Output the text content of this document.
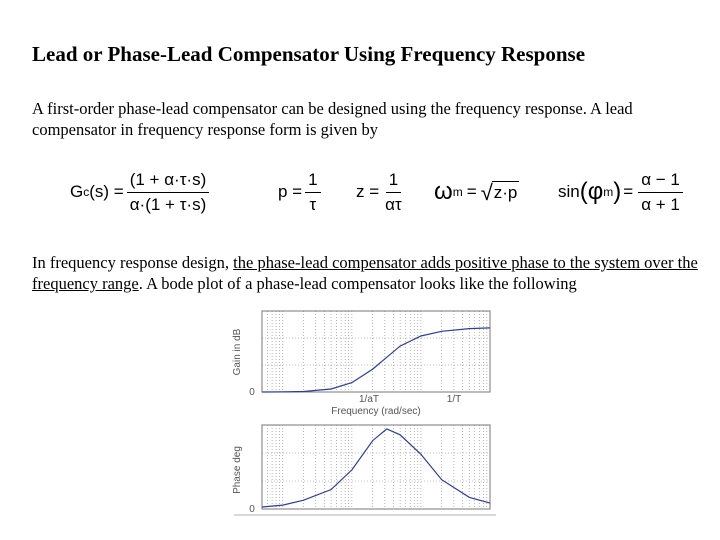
Lead or Phase-Lead Compensator Using Frequency Response
A first-order phase-lead compensator can be designed using the frequency response. A lead compensator in frequency response form is given by
G c $(s) = \frac{(1 + \alpha\cdot\tau\cdot s)}{\alpha\cdot(1 + \tau\cdot s)}$	$p = \frac{1}{\tau}$ $z = \frac{1}{\alpha\tau}$ ω m = √ z·p sin ( φ m ) = $\frac{\alpha - 1}{\alpha + 1}$
In frequency response design, the phase-lead compensator adds positive phase to the system over the frequency range. A bode plot of a phase-lead compensator looks like the following
Gain in dB
0
1/aT	1/T
Frequency (rad/sec)
Phase deg
0
